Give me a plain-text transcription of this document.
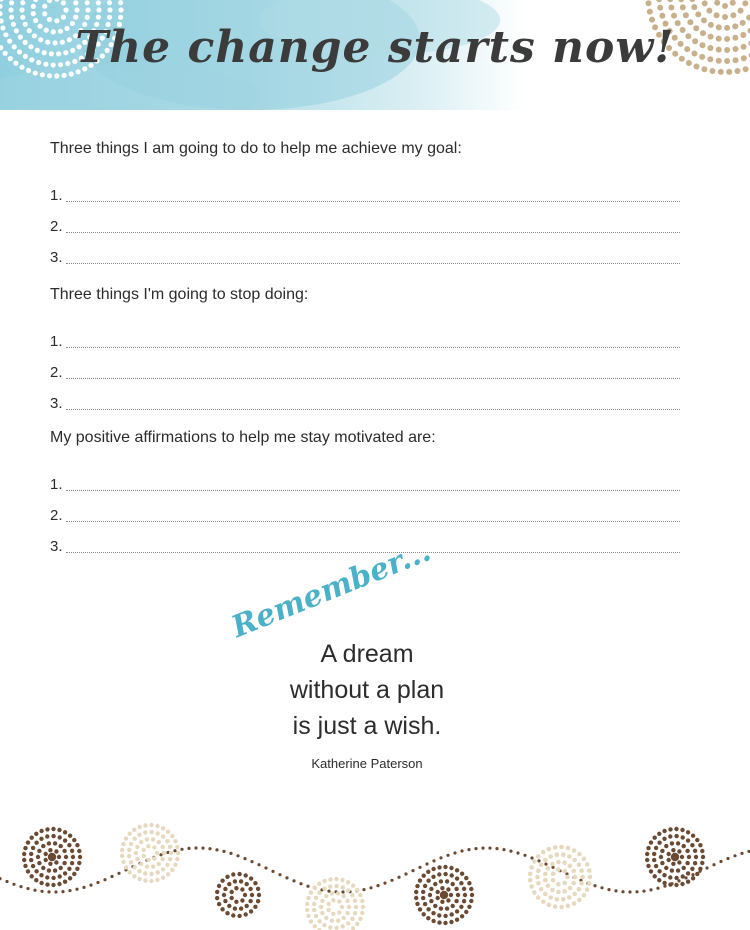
The change starts now!

Three things I am going to do to help me achieve my goal:

1.
2.
3.

Three things I'm going to stop doing:

1.
2.
3.

My positive affirmations to help me stay motivated are:

1.
2.
3.	Remember...
A dream
without a plan
is just a wish.
Katherine Paterson
